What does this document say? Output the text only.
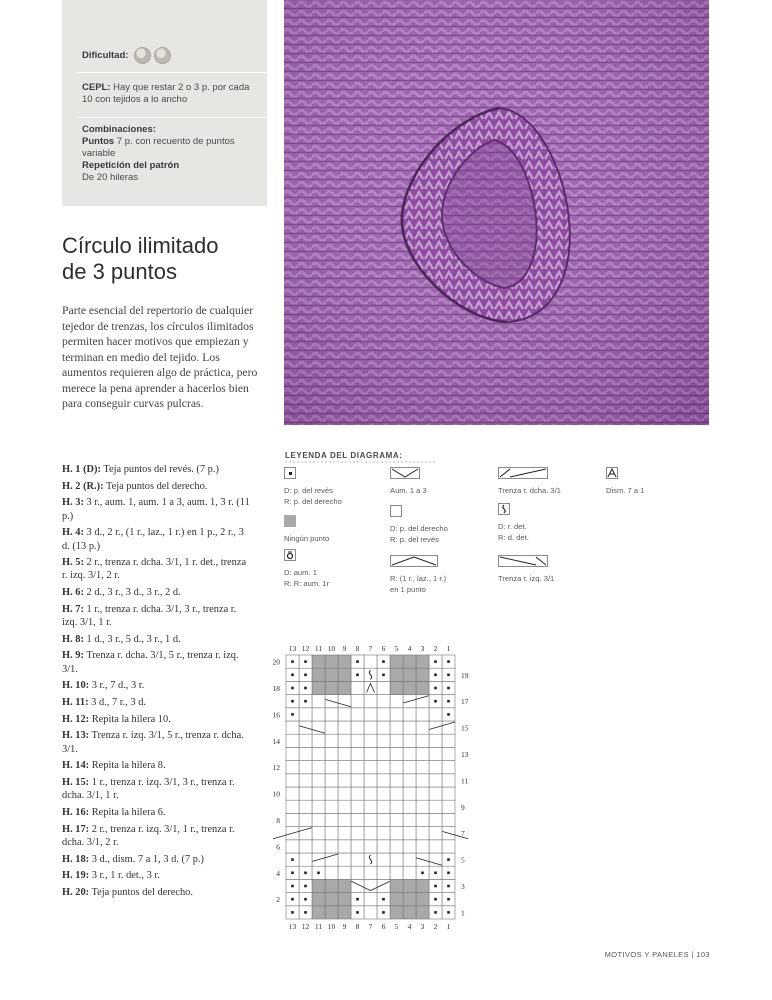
Dificultad:
CEPL: Hay que restar 2 o 3 p. por cada 10 con tejidos a lo ancho
Combinaciones:
Puntos 7 p. con recuento de puntos variable
Repetición del patrón
De 20 hileras
Círculo ilimitado
de 3 puntos
Parte esencial del repertorio de cualquier tejedor de trenzas, los círculos ilimitados permiten hacer motivos que empiezan y terminan en medio del tejido. Los aumentos requieren algo de práctica, pero merece la pena aprender a hacerlos bien para conseguir curvas pulcras.
H. 1 (D): Teja puntos del revés. (7 p.)
H. 2 (R.): Teja puntos del derecho.
H. 3: 3 r., aum. 1, aum. 1 a 3, aum. 1, 3 r. (11 p.)
H. 4: 3 d., 2 r., (1 r., laz., 1 r.) en 1 p., 2 r., 3 d. (13 p.)
H. 5: 2 r., trenza r. dcha. 3/1, 1 r. det., trenza r. izq. 3/1, 2 r.
H. 6: 2 d., 3 r., 3 d., 3 r., 2 d.
H. 7: 1 r., trenza r. dcha. 3/1, 3 r., trenza r. izq. 3/1, 1 r.
H. 8: 1 d., 3 r., 5 d., 3 r., 1 d.
H. 9: Trenza r. dcha. 3/1, 5 r., trenza r. izq. 3/1.
H. 10: 3 r., 7 d., 3 r.
H. 11: 3 d., 7 r., 3 d.
H. 12: Repita la hilera 10.
H. 13: Trenza r. izq. 3/1, 5 r., trenza r. dcha. 3/1.
H. 14: Repita la hilera 8.
H. 15: 1 r., trenza r. izq. 3/1, 3 r., trenza r. dcha. 3/1, 1 r.
H. 16: Repita la hilera 6.
H. 17: 2 r., trenza r. izq. 3/1, 1 r., trenza r. dcha. 3/1, 2 r.
H. 18: 3 d., dism. 7 a 1, 3 d. (7 p.)
H. 19: 3 r., 1 r. det., 3 r.
H. 20: Teja puntos del derecho.
LEYENDA DEL DIAGRAMA:
D: p. del revés
R: p. del derecho
Ningún punto
D: aum. 1
R: R: aum. 1r
Aum. 1 a 3
D: p. del derecho
R: p. del revés
R: (1 r., laz., 1 r.)
en 1 punto
Trenza r. dcha. 3/1
D: r. det.
R: d. det.
Trenza r. izq. 3/1
Dism. 7 a 1
13
13
12
12
11
11
10
10
9
9
8
8
7
7
6
6
5
5
4
4
3
3
2
2
1
1
20
18
16
14
12
10
8
6
4
2
19
17
15
13
11
9
7
5
3
1
MOTIVOS Y PANELES | 103
